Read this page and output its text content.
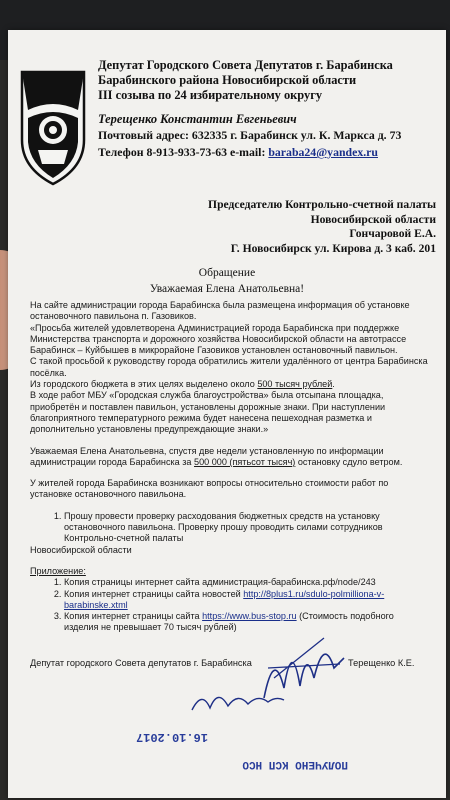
Депутат Городского Совета Депутатов г. Барабинска
Барабинского района Новосибирской области
III созыва по 24 избирательному округу
Терещенко Константин Евгеньевич
Почтовый адрес: 632335 г. Барабинск ул. К. Маркса д. 73
Телефон 8-913-933-73-63 e-mail: baraba24@yandex.ru
Председателю Контрольно-счетной палаты
Новосибирской области
Гончаровой Е.А.
Г. Новосибирск ул. Кирова д. 3 каб. 201
Обращение
Уважаемая Елена Анатольевна!

На сайте администрации города Барабинска была размещена информация об установке остановочного павильона п. Газовиков.

«Просьба жителей удовлетворена Администрацией города Барабинска при поддержке Министерства транспорта и дорожного хозяйства Новосибирской области на автотрассе Барабинск – Куйбышев в микрорайоне Газовиков установлен остановочный павильон.

С такой просьбой к руководству города обратились жители удалённого от центра Барабинска посёлка.

Из городского бюджета в этих целях выделено около 500 тысяч рублей.

В ходе работ МБУ «Городская служба благоустройства» была отсыпана площадка, приобретён и поставлен павильон, установлены дорожные знаки. При наступлении благоприятного температурного режима будет нанесена пешеходная разметка и дополнительно установлены предупреждающие знаки.»

Уважаемая Елена Анатольевна, спустя две недели установленную по информации администрации города Барабинска за 500 000 (пятьсот тысяч) остановку сдуло ветром.

У жителей города Барабинска возникают вопросы относительно стоимости работ по установке остановочного павильона.

1. Прошу провести проверку расходования бюджетных средств на установку остановочного павильона. Проверку прошу проводить силами сотрудников Контрольно-счетной палаты

Новосибирской области

Приложение:

1. Копия страницы интернет сайта администрация-барабинска.рф/node/243
2. Копия интернет страницы сайта новостей http://8plus1.ru/sdulo-polmilliona-v-barabinske.xtml
3. Копия интернет страницы сайта https://www.bus-stop.ru (Стоимость подобного изделия не превышает 70 тысяч рублей)

Депутат городского Совета депутатов г. Барабинска	Терещенко К.Е.
ПОЛУЧЕНО КСП НСО
16.10.2017
